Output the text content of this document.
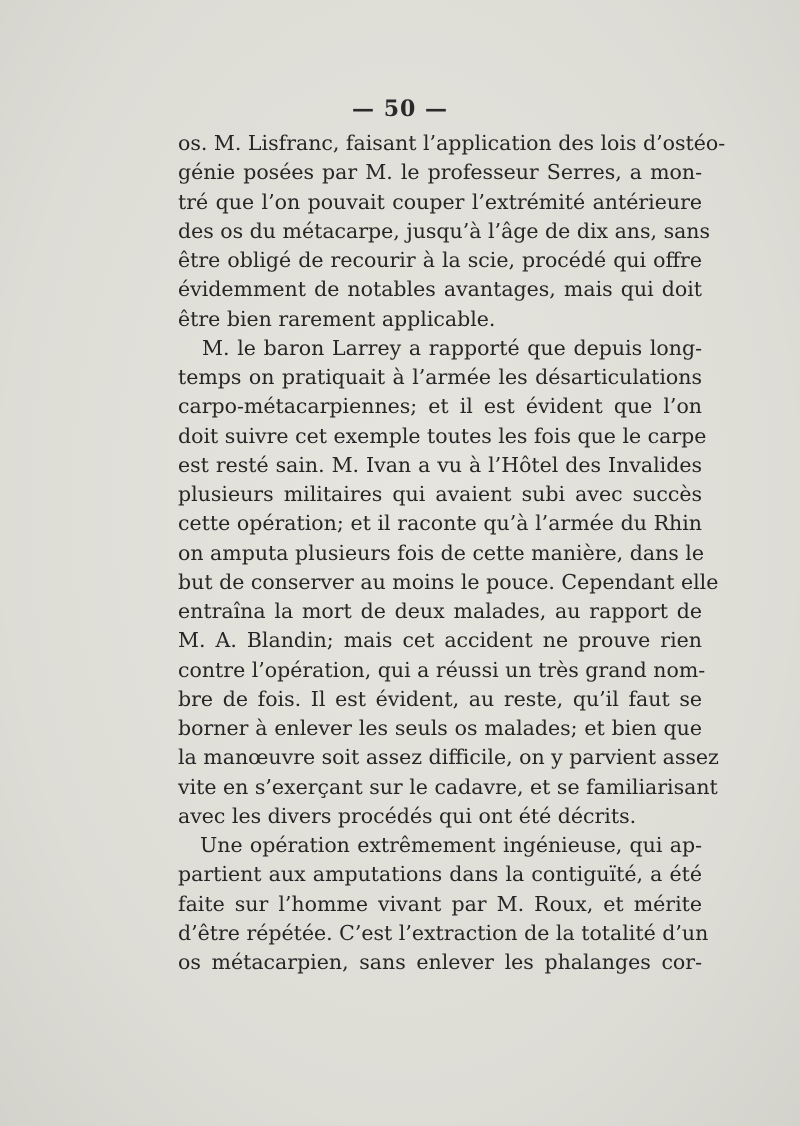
— 50 —
os. M. Lisfranc, faisant l’application des lois d’ostéo-
génie posées par M. le professeur Serres, a mon-
tré que l’on pouvait couper l’extrémité antérieure
des os du métacarpe, jusqu’à l’âge de dix ans, sans
être obligé de recourir à la scie, procédé qui offre
évidemment de notables avantages, mais qui doit
être bien rarement applicable.
M. le baron Larrey a rapporté que depuis long-
temps on pratiquait à l’armée les désarticulations
carpo-métacarpiennes; et il est évident que l’on
doit suivre cet exemple toutes les fois que le carpe
est resté sain. M. Ivan a vu à l’Hôtel des Invalides
plusieurs militaires qui avaient subi avec succès
cette opération; et il raconte qu’à l’armée du Rhin
on amputa plusieurs fois de cette manière, dans le
but de conserver au moins le pouce. Cependant elle
entraîna la mort de deux malades, au rapport de
M. A. Blandin; mais cet accident ne prouve rien
contre l’opération, qui a réussi un très grand nom-
bre de fois. Il est évident, au reste, qu’il faut se
borner à enlever les seuls os malades; et bien que
la manœuvre soit assez difficile, on y parvient assez
vite en s’exerçant sur le cadavre, et se familiarisant
avec les divers procédés qui ont été décrits.
Une opération extrêmement ingénieuse, qui ap-
partient aux amputations dans la contiguïté, a été
faite sur l’homme vivant par M. Roux, et mérite
d’être répétée. C’est l’extraction de la totalité d’un
os métacarpien, sans enlever les phalanges cor-
